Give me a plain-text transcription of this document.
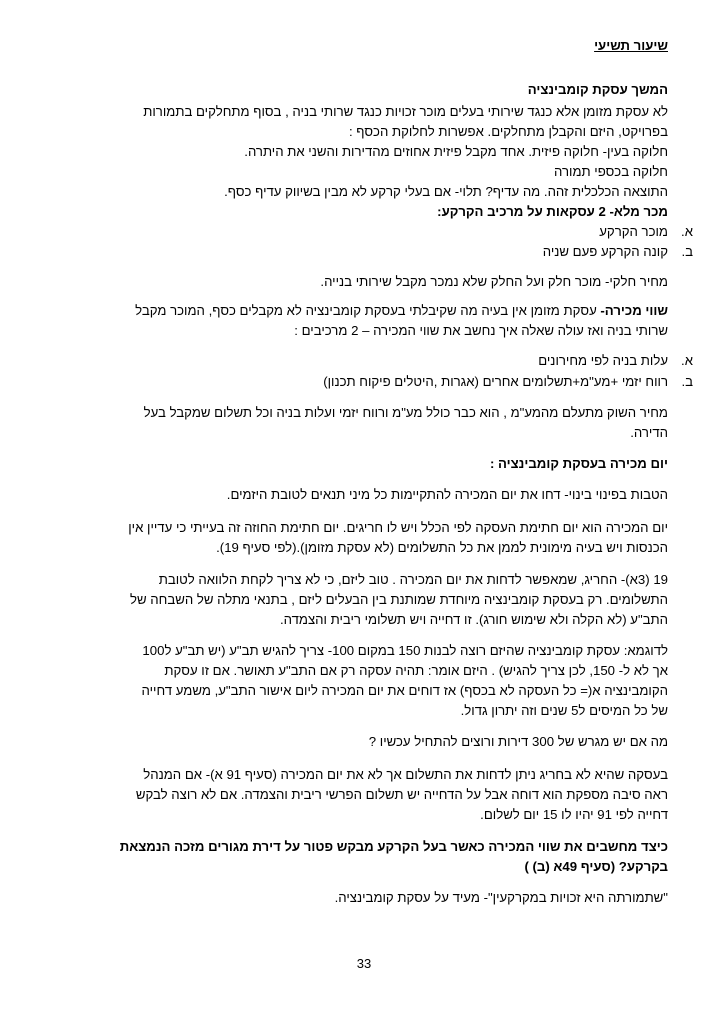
שיעור תשיעי
המשך עסקת קומבינציה
לא עסקת מזומן אלא כנגד שירותי בעלים מוכר זכויות כנגד שרותי בניה , בסוף מתחלקים בתמורות
בפרויקט, היזם והקבלן מתחלקים. אפשרות לחלוקת הכסף :
חלוקה בעין- חלוקה פיזית. אחד מקבל פיזית אחוזים מהדירות והשני את היתרה.
חלוקה בכספי תמורה
התוצאה הכלכלית זהה. מה עדיף? תלוי- אם בעלי קרקע לא מבין בשיווק עדיף כסף.
מכר מלא- 2 עסקאות על מרכיב הקרקע:
א.
מוכר הקרקע
ב.
קונה הקרקע פעם שניה
מחיר חלקי- מוכר חלק ועל החלק שלא נמכר מקבל שירותי בנייה.
שווי מכירה- עסקת מזומן אין בעיה מה שקיבלתי בעסקת קומבינציה לא מקבלים כסף, המוכר מקבל
שרותי בניה ואז עולה שאלה איך נחשב את שווי המכירה – 2 מרכיבים :
א.
עלות בניה לפי מחירונים
ב.
רווח יזמי +מע"מ+תשלומים אחרים (אגרות ,היטלים פיקוח תכנון)
מחיר השוק מתעלם מהמע"מ , הוא כבר כולל מע"מ ורווח יזמי ועלות בניה וכל תשלום שמקבל בעל
הדירה.
יום מכירה בעסקת קומבינציה :
הטבות בפינוי בינוי- דחו את יום המכירה להתקיימות כל מיני תנאים לטובת היזמים.
יום המכירה הוא יום חתימת העסקה לפי הכלל ויש לו חריגים. יום חתימת החוזה זה בעייתי כי עדיין אין
הכנסות ויש בעיה מימונית לממן את כל התשלומים (לא עסקת מזומן).(לפי סעיף 19).
19 (3א)- החריג, שמאפשר לדחות את יום המכירה . טוב ליזם, כי לא צריך לקחת הלוואה לטובת
התשלומים. רק בעסקת קומבינציה מיוחדת שמותנת בין הבעלים ליזם , בתנאי מתלה של השבחה של
התב"ע (לא הקלה ולא שימוש חורג). זו דחייה ויש תשלומי ריבית והצמדה.
לדוגמא: עסקת קומבינציה שהיזם רוצה לבנות 150 במקום 100- צריך להגיש תב"ע (יש תב"ע ל100
אך לא ל- 150, לכן צריך להגיש) . היזם אומר: תהיה עסקה רק אם התב"ע תאושר. אם זו עסקת
הקומבינציה א(= כל העסקה לא בכסף) אז דוחים את יום המכירה ליום אישור התב"ע, משמע דחייה
של כל המיסים ל5 שנים וזה יתרון גדול.
מה אם יש מגרש של 300 דירות ורוצים להתחיל עכשיו ?
בעסקה שהיא לא בחריג ניתן לדחות את התשלום אך לא את יום המכירה (סעיף 91 א)- אם המנהל
ראה סיבה מספקת הוא דוחה אבל על הדחייה יש תשלום הפרשי ריבית והצמדה. אם לא רוצה לבקש
דחייה לפי 91 יהיו לו 15 יום לשלום.
כיצד מחשבים את שווי המכירה כאשר בעל הקרקע מבקש פטור על דירת מגורים מזכה הנמצאת
בקרקע? (סעיף 49א (ב) )
"שתמורתה היא זכויות במקרקעין"- מעיד על עסקת קומבינציה.
33
